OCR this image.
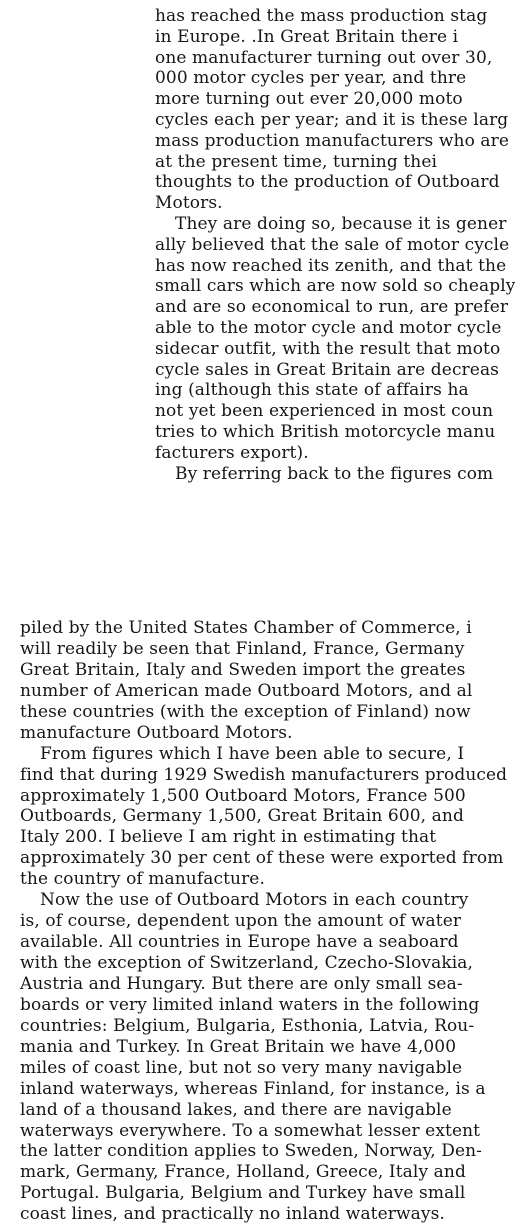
has reached the mass production stag
in Europe. .In Great Britain there i
one manufacturer turning out over 30,
000 motor cycles per year, and thre
more turning out ever 20,000 moto
cycles each per year; and it is these larg
mass production manufacturers who are
at the present time, turning thei
thoughts to the production of Outboard
Motors.
They are doing so, because it is gener
ally believed that the sale of motor cycle
has now reached its zenith, and that the
small cars which are now sold so cheaply
and are so economical to run, are prefer
able to the motor cycle and motor cycle
sidecar outfit, with the result that moto
cycle sales in Great Britain are decreas
ing (although this state of affairs ha
not yet been experienced in most coun
tries to which British motorcycle manu
facturers export).
By referring back to the figures com
piled by the United States Chamber of Commerce, i
will readily be seen that Finland, France, Germany
Great Britain, Italy and Sweden import the greates
number of American made Outboard Motors, and al
these countries (with the exception of Finland) now
manufacture Outboard Motors.
From figures which I have been able to secure, I
find that during 1929 Swedish manufacturers produced
approximately 1,500 Outboard Motors, France 500
Outboards, Germany 1,500, Great Britain 600, and
Italy 200. I believe I am right in estimating that
approximately 30 per cent of these were exported from
the country of manufacture.
Now the use of Outboard Motors in each country
is, of course, dependent upon the amount of water
available. All countries in Europe have a seaboard
with the exception of Switzerland, Czecho-Slovakia,
Austria and Hungary. But there are only small sea-
boards or very limited inland waters in the following
countries: Belgium, Bulgaria, Esthonia, Latvia, Rou-
mania and Turkey. In Great Britain we have 4,000
miles of coast line, but not so very many navigable
inland waterways, whereas Finland, for instance, is a
land of a thousand lakes, and there are navigable
waterways everywhere. To a somewhat lesser extent
the latter condition applies to Sweden, Norway, Den-
mark, Germany, France, Holland, Greece, Italy and
Portugal. Bulgaria, Belgium and Turkey have small
coast lines, and practically no inland waterways.
